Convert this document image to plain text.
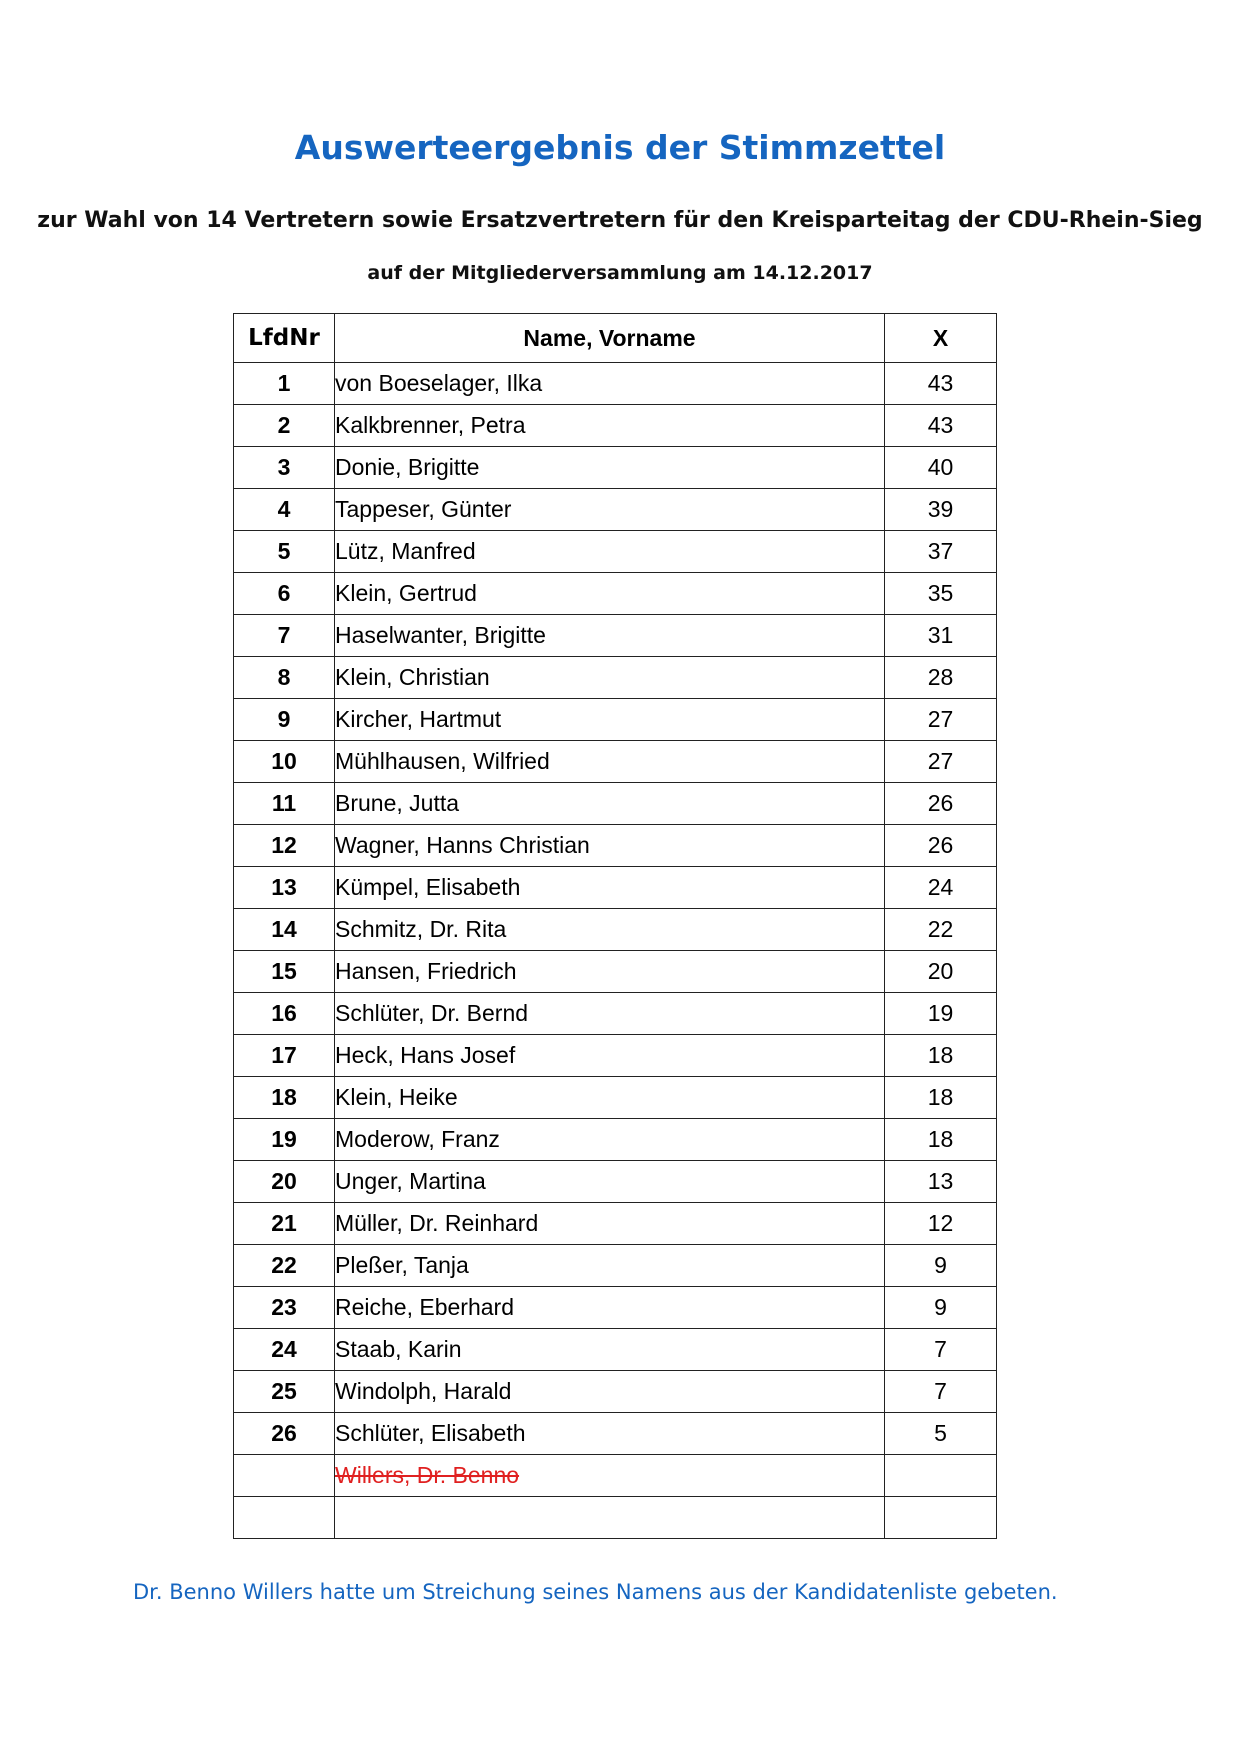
Auswerteergebnis der Stimmzettel
zur Wahl von 14 Vertretern sowie Ersatzvertretern für den Kreisparteitag der CDU-Rhein-Sieg
auf der Mitgliederversammlung am 14.12.2017
LfdNr	Name, Vorname	X
1	von Boeselager, Ilka	43
2	Kalkbrenner, Petra	43
3	Donie, Brigitte	40
4	Tappeser, Günter	39
5	Lütz, Manfred	37
6	Klein, Gertrud	35
7	Haselwanter, Brigitte	31
8	Klein, Christian	28
9	Kircher, Hartmut	27
10	Mühlhausen, Wilfried	27
11	Brune, Jutta	26
12	Wagner, Hanns Christian	26
13	Kümpel, Elisabeth	24
14	Schmitz, Dr. Rita	22
15	Hansen, Friedrich	20
16	Schlüter, Dr. Bernd	19
17	Heck, Hans Josef	18
18	Klein, Heike	18
19	Moderow, Franz	18
20	Unger, Martina	13
21	Müller, Dr. Reinhard	12
22	Pleßer, Tanja	9
23	Reiche, Eberhard	9
24	Staab, Karin	7
25	Windolph, Harald	7
26	Schlüter, Elisabeth	5
	Willers, Dr. Benno	

Dr. Benno Willers hatte um Streichung seines Namens aus der Kandidatenliste gebeten.
